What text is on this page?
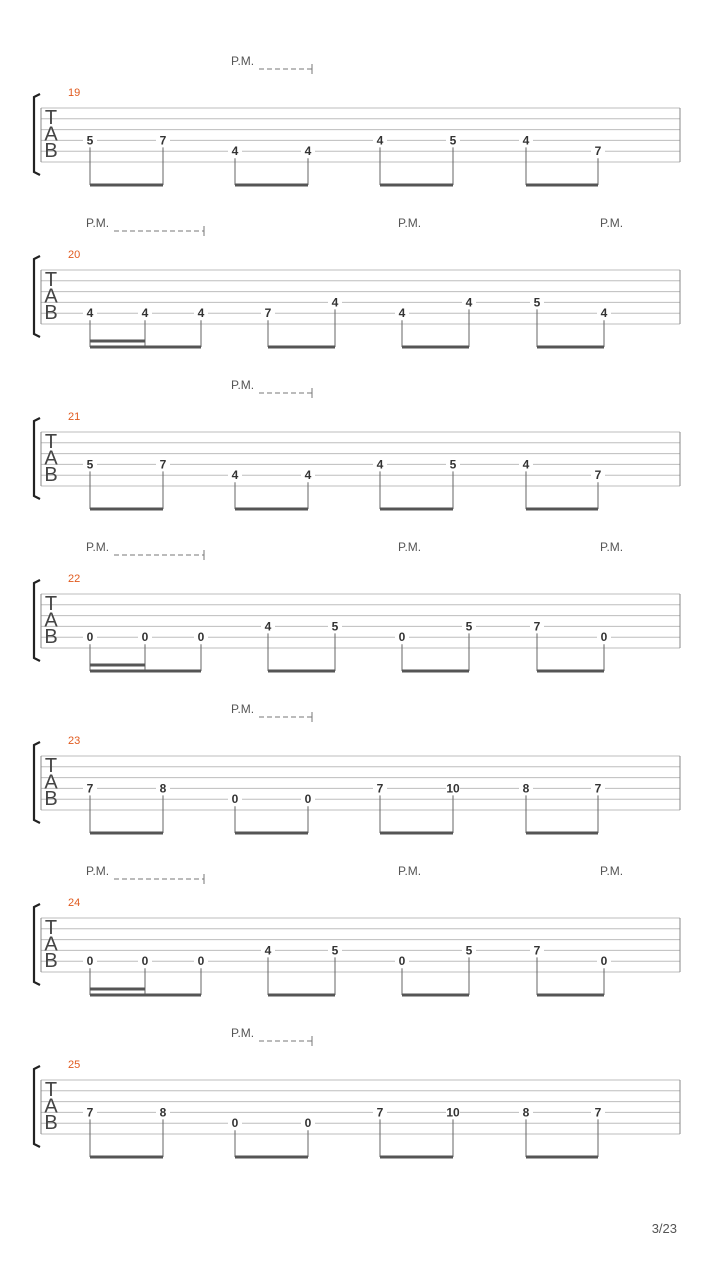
T
A
B
19
P.M.
5	7
4	4
4	5	4
7
T
A
B
20
P.M.	P.M.	P.M.
4	4	4	7
4
4
4	5
4
T
A
B
21
P.M.
5	7
4	4
4	5	4
7
T
A
B
22
P.M.	P.M.	P.M.
0	0	0
4	5
0
5	7
0
T
A
B
23
P.M.
7	8
0	0
7	10	8	7
T
A
B
24
P.M.	P.M.	P.M.
0	0	0
4	5
0
5	7
0
T
A
B
25
P.M.
7	8
0	0
7	10	8	7
3/23
